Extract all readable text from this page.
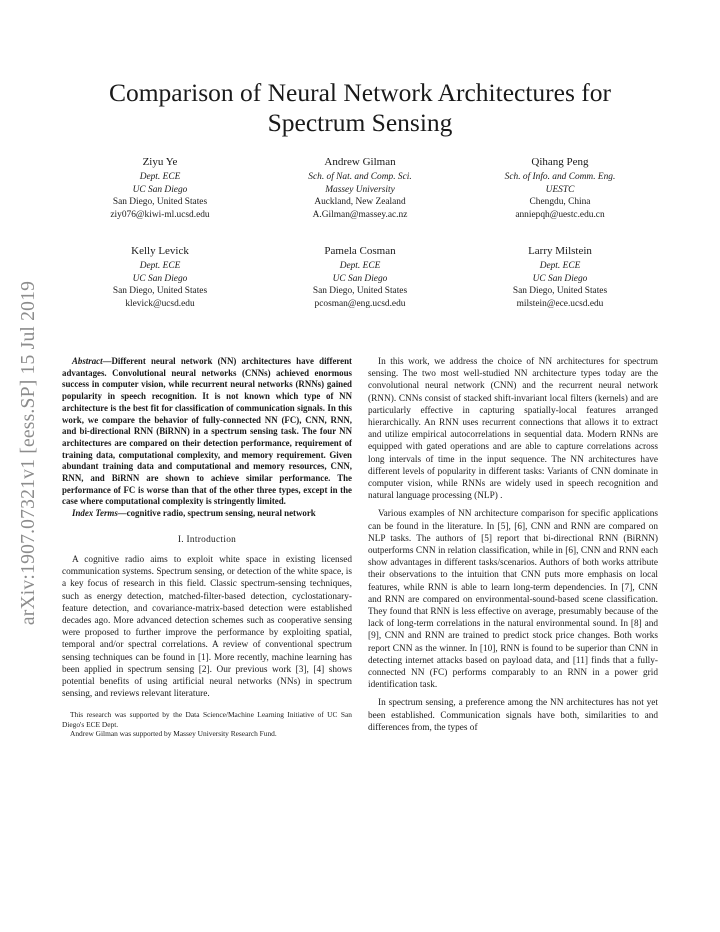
arXiv:1907.07321v1 [eess.SP] 15 Jul 2019
Comparison of Neural Network Architectures for Spectrum Sensing
Ziyu Ye
Dept. ECE
UC San Diego
San Diego, United States
ziy076@kiwi-ml.ucsd.edu
Andrew Gilman
Sch. of Nat. and Comp. Sci.
Massey University
Auckland, New Zealand
A.Gilman@massey.ac.nz
Qihang Peng
Sch. of Info. and Comm. Eng.
UESTC
Chengdu, China
anniepqh@uestc.edu.cn
Kelly Levick
Dept. ECE
UC San Diego
San Diego, United States
klevick@ucsd.edu
Pamela Cosman
Dept. ECE
UC San Diego
San Diego, United States
pcosman@eng.ucsd.edu
Larry Milstein
Dept. ECE
UC San Diego
San Diego, United States
milstein@ece.ucsd.edu

Abstract—Different neural network (NN) architectures have different advantages. Convolutional neural networks (CNNs) achieved enormous success in computer vision, while recurrent neural networks (RNNs) gained popularity in speech recognition. It is not known which type of NN architecture is the best fit for classification of communication signals. In this work, we compare the behavior of fully-connected NN (FC), CNN, RNN, and bi-directional RNN (BiRNN) in a spectrum sensing task. The four NN architectures are compared on their detection performance, requirement of training data, computational complexity, and memory requirement. Given abundant training data and computational and memory resources, CNN, RNN, and BiRNN are shown to achieve similar performance. The performance of FC is worse than that of the other three types, except in the case where computational complexity is stringently limited.

Index Terms—cognitive radio, spectrum sensing, neural network

I. Introduction

A cognitive radio aims to exploit white space in existing licensed communication systems. Spectrum sensing, or detection of the white space, is a key focus of research in this field. Classic spectrum-sensing techniques, such as energy detection, matched-filter-based detection, cyclostationary-feature detection, and covariance-matrix-based detection were established decades ago. More advanced detection schemes such as cooperative sensing were proposed to further improve the performance by exploiting spatial, temporal and/or spectral correlations. A review of conventional spectrum sensing techniques can be found in [1]. More recently, machine learning has been applied in spectrum sensing [2]. Our previous work [3], [4] shows potential benefits of using artificial neural networks (NNs) in spectrum sensing, and reviews relevant literature.

This research was supported by the Data Science/Machine Learning Initiative of UC San Diego's ECE Dept.

Andrew Gilman was supported by Massey University Research Fund.

In this work, we address the choice of NN architectures for spectrum sensing. The two most well-studied NN architecture types today are the convolutional neural network (CNN) and the recurrent neural network (RNN). CNNs consist of stacked shift-invariant local filters (kernels) and are particularly effective in capturing spatially-local features arranged hierarchically. An RNN uses recurrent connections that allows it to extract and utilize empirical autocorrelations in sequential data. Modern RNNs are equipped with gated operations and are able to capture correlations across long intervals of time in the input sequence. The NN architectures have different levels of popularity in different tasks: Variants of CNN dominate in computer vision, while RNNs are widely used in speech recognition and natural language processing (NLP) .

Various examples of NN architecture comparison for specific applications can be found in the literature. In [5], [6], CNN and RNN are compared on NLP tasks. The authors of [5] report that bi-directional RNN (BiRNN) outperforms CNN in relation classification, while in [6], CNN and RNN each show advantages in different tasks/scenarios. Authors of both works attribute their observations to the intuition that CNN puts more emphasis on local features, while RNN is able to learn long-term dependencies. In [7], CNN and RNN are compared on environmental-sound-based scene classification. They found that RNN is less effective on average, presumably because of the lack of long-term correlations in the natural environmental sound. In [8] and [9], CNN and RNN are trained to predict stock price changes. Both works report CNN as the winner. In [10], RNN is found to be superior than CNN in detecting internet attacks based on payload data, and [11] finds that a fully-connected NN (FC) performs comparably to an RNN in a power grid identification task.

In spectrum sensing, a preference among the NN architectures has not yet been established. Communication signals have both, similarities to and differences from, the types of
